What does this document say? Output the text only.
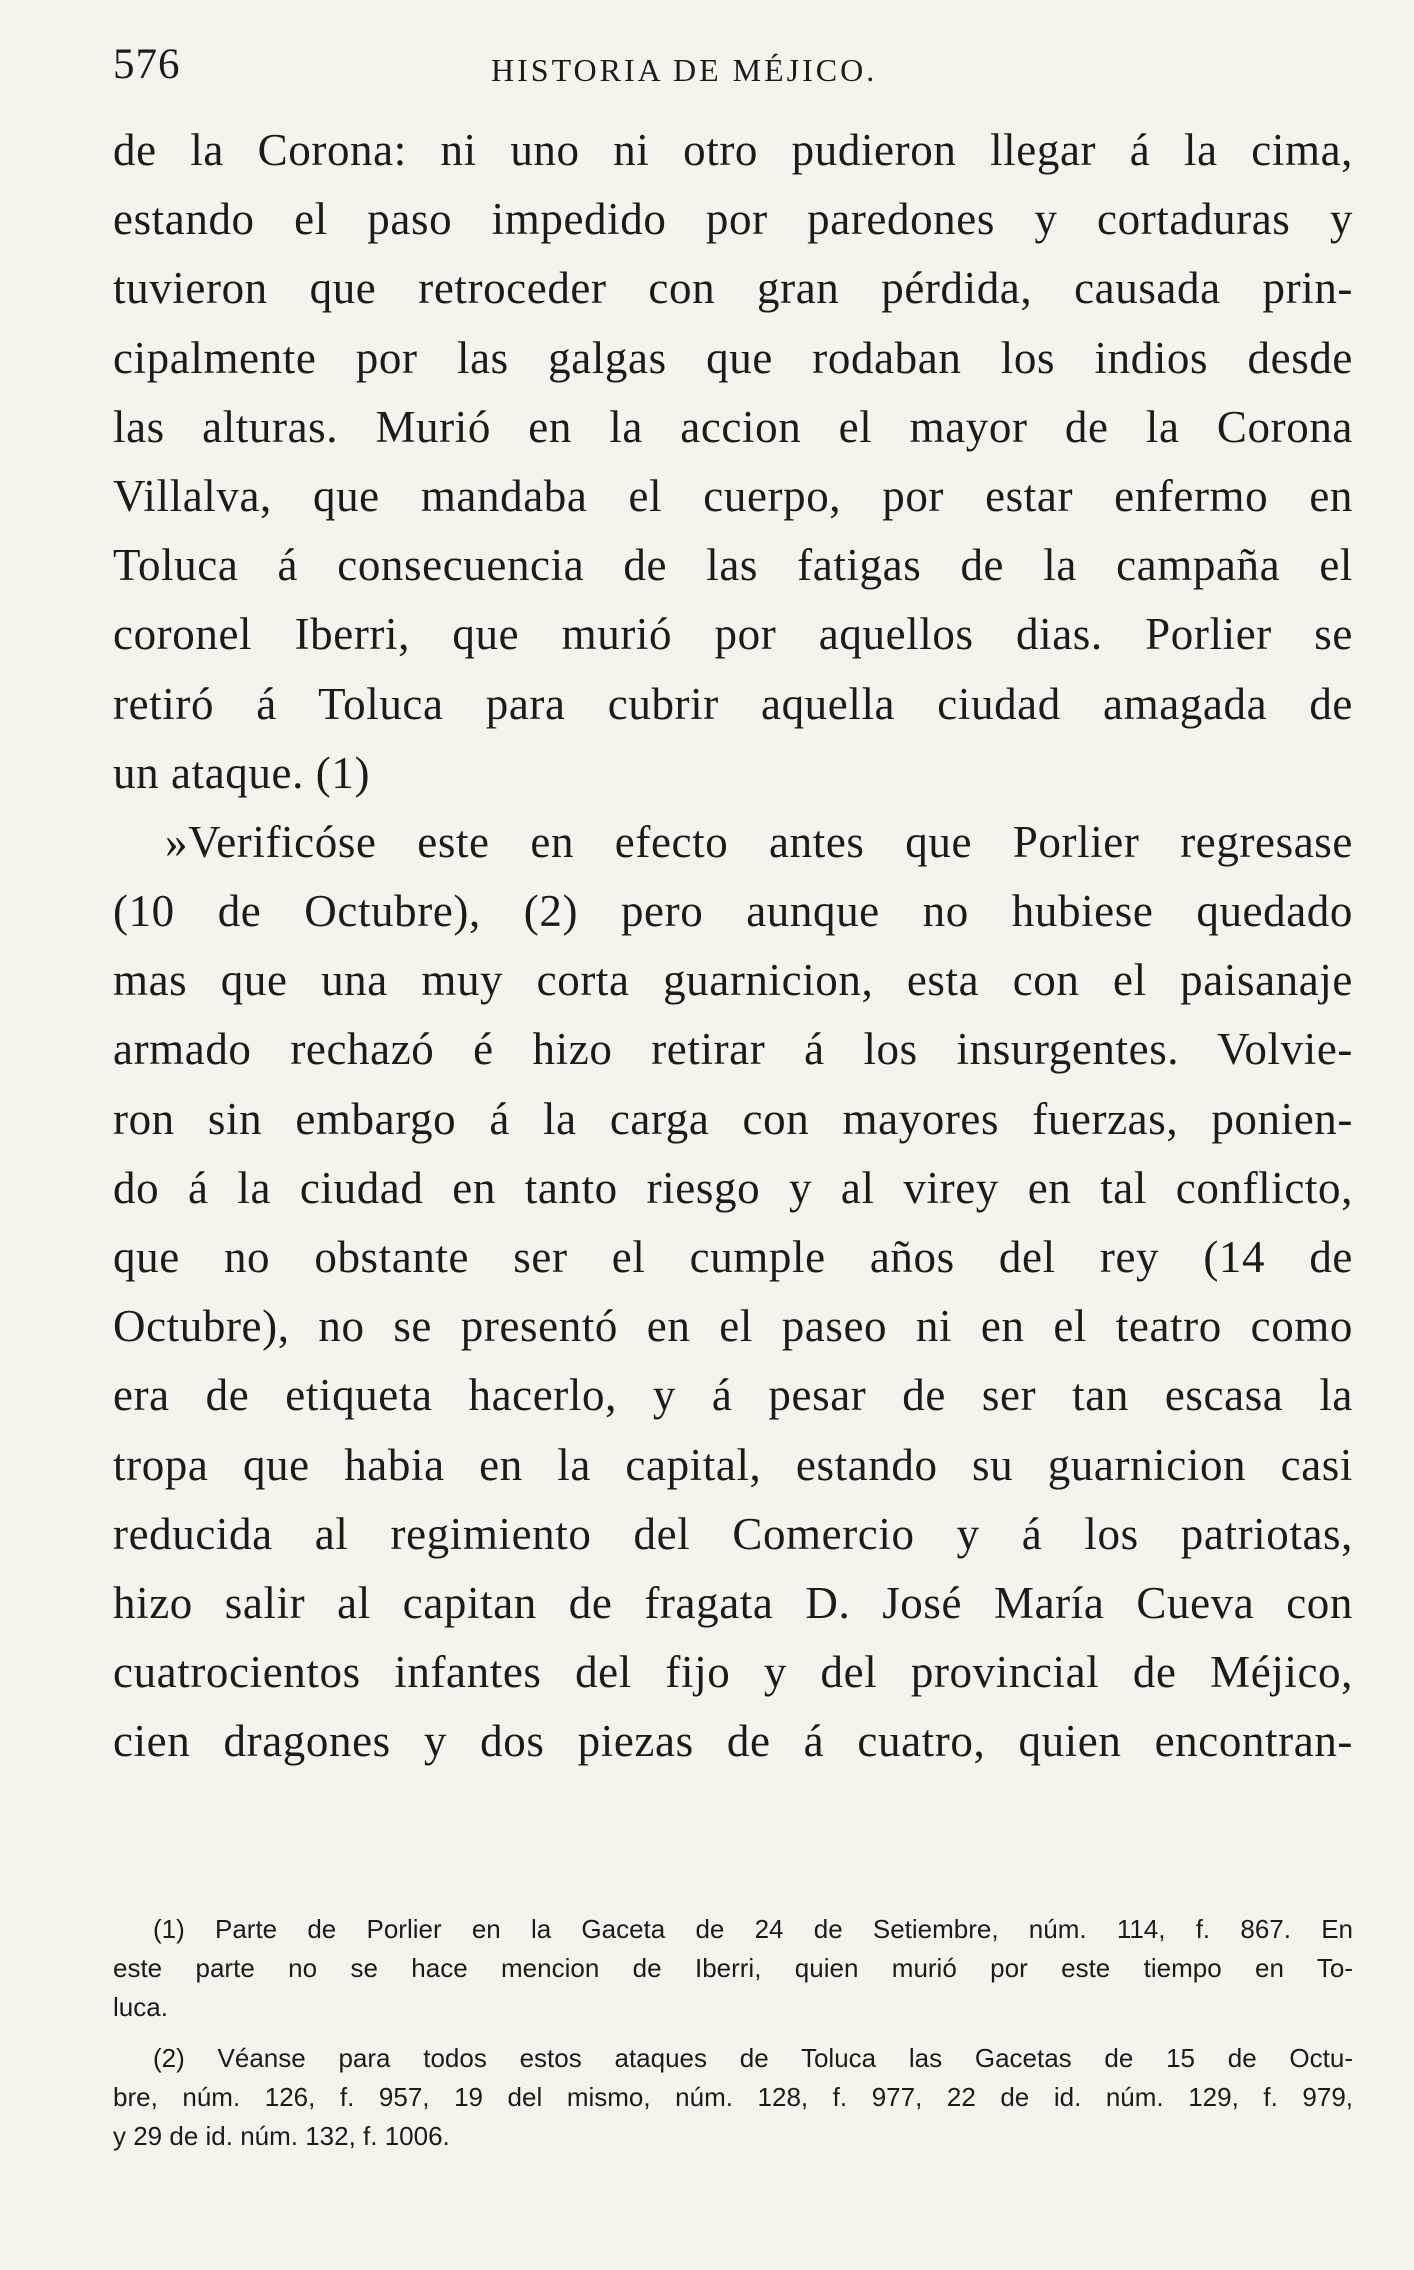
576	HISTORIA DE MÉJICO.
de la Corona: ni uno ni otro pudieron llegar á la cima,
estando el paso impedido por paredones y cortaduras y
tuvieron que retroceder con gran pérdida, causada prin-
cipalmente por las galgas que rodaban los indios desde
las alturas. Murió en la accion el mayor de la Corona
Villalva, que mandaba el cuerpo, por estar enfermo en
Toluca á consecuencia de las fatigas de la campaña el
coronel Iberri, que murió por aquellos dias. Porlier se
retiró á Toluca para cubrir aquella ciudad amagada de
un ataque. (1)
»Verificóse este en efecto antes que Porlier regresase
(10 de Octubre), (2) pero aunque no hubiese quedado
mas que una muy corta guarnicion, esta con el paisanaje
armado rechazó é hizo retirar á los insurgentes. Volvie-
ron sin embargo á la carga con mayores fuerzas, ponien-
do á la ciudad en tanto riesgo y al virey en tal conflicto,
que no obstante ser el cumple años del rey (14 de
Octubre), no se presentó en el paseo ni en el teatro como
era de etiqueta hacerlo, y á pesar de ser tan escasa la
tropa que habia en la capital, estando su guarnicion casi
reducida al regimiento del Comercio y á los patriotas,
hizo salir al capitan de fragata D. José María Cueva con
cuatrocientos infantes del fijo y del provincial de Méjico,
cien dragones y dos piezas de á cuatro, quien encontran-
(1) Parte de Porlier en la Gaceta de 24 de Setiembre, núm. 114, f. 867. En
este parte no se hace mencion de Iberri, quien murió por este tiempo en To-
luca.
(2) Véanse para todos estos ataques de Toluca las Gacetas de 15 de Octu-
bre, núm. 126, f. 957, 19 del mismo, núm. 128, f. 977, 22 de id. núm. 129, f. 979,
y 29 de id. núm. 132, f. 1006.
